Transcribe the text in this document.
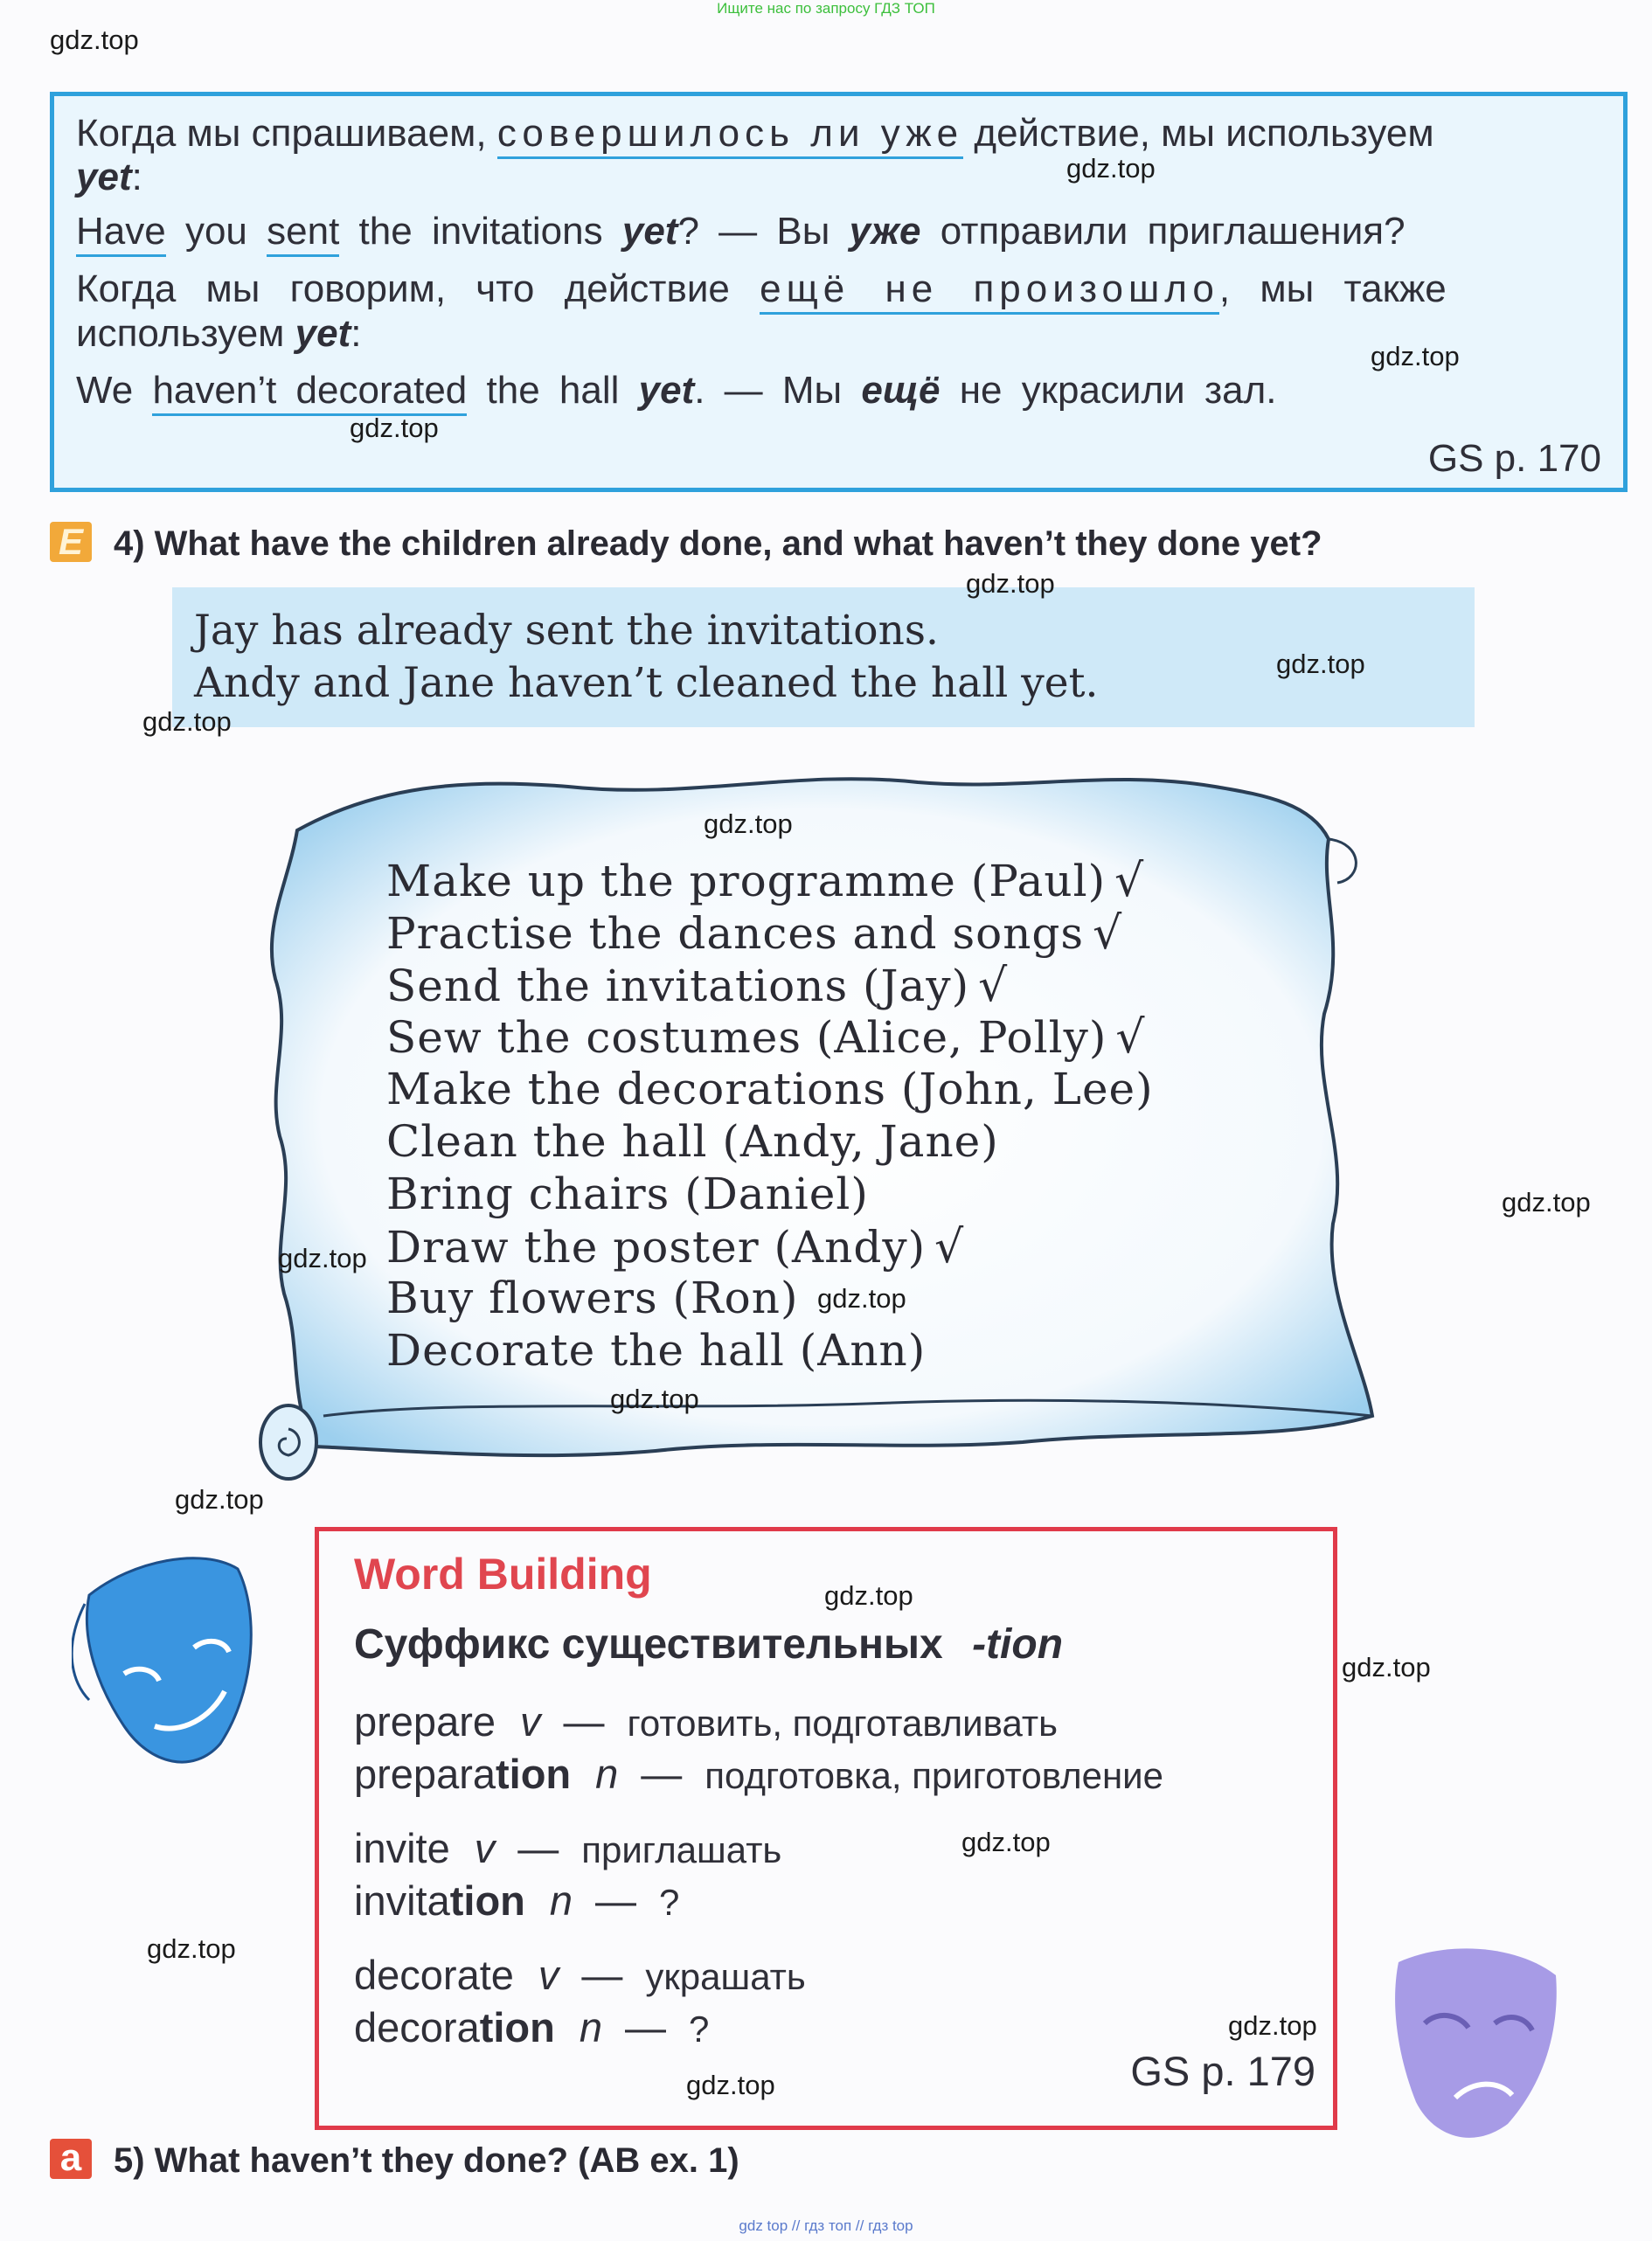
Ищите нас по запросу ГДЗ ТОП
Когда мы спрашиваем, совершилось ли уже действие, мы используем
yet:
Have you sent the invitations yet? — Вы уже отправили приглашения?
Когда мы говорим, что действие ещё не произошло, мы также
используем yet:
We haven’t decorated the hall yet. — Мы ещё не украсили зал.
GS p. 170
E 4) What have the children already done, and what haven’t they done yet?
Jay has already sent the invitations.
Andy and Jane haven’t cleaned the hall yet.
Make up the programme (Paul) √
Practise the dances and songs √
Send the invitations (Jay) √
Sew the costumes (Alice, Polly) √
Make the decorations (John, Lee)
Clean the hall (Andy, Jane)
Bring chairs (Daniel)
Draw the poster (Andy) √
Buy flowers (Ron)
Decorate the hall (Ann)
Word Building
Суффикс существительных -tion
prepare v — готовить, подготавливать
preparation n — подготовка, приготовление
invite v — приглашать
invitation n — ?
decorate v — украшать
decoration n — ?
GS p. 179
a 5) What haven’t they done? (AB ex. 1)
gdz.top
gdz.top
gdz.top
gdz.top
gdz.top
gdz.top
gdz.top
gdz.top
gdz.top
gdz.top
gdz.top
gdz.top
gdz.top
gdz.top
gdz.top
gdz.top
gdz.top
gdz.top
gdz.top
gdz top // гдз топ // гдз top
